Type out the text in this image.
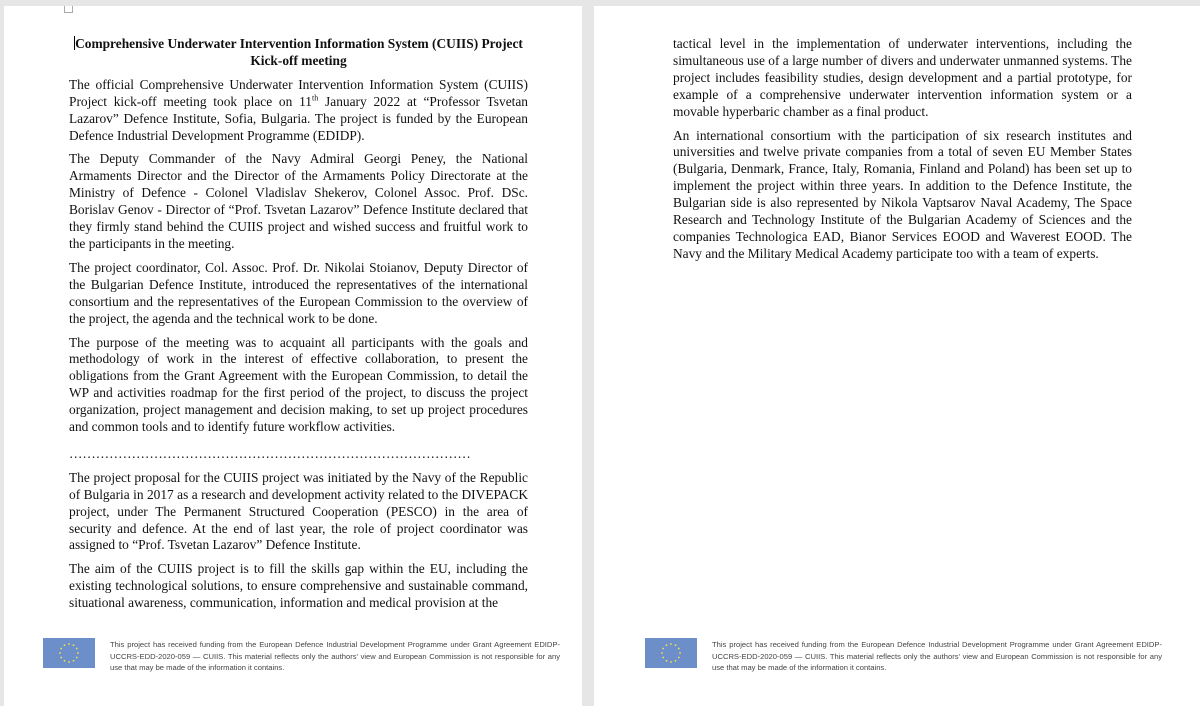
Comprehensive Underwater Intervention Information System (CUIIS) Project Kick-off meeting

The official Comprehensive Underwater Intervention Information System (CUIIS) Project kick-off meeting took place on 11th January 2022 at “Professor Tsvetan Lazarov” Defence Institute, Sofia, Bulgaria. The project is funded by the European Defence Industrial Development Programme (EDIDP).

The Deputy Commander of the Navy Admiral Georgi Peney, the National Armaments Director and the Director of the Armaments Policy Directorate at the Ministry of Defence - Colonel Vladislav Shekerov, Colonel Assoc. Prof. DSc. Borislav Genov - Director of “Prof. Tsvetan Lazarov” Defence Institute declared that they firmly stand behind the CUIIS project and wished success and fruitful work to the participants in the meeting.

The project coordinator, Col. Assoc. Prof. Dr. Nikolai Stoianov, Deputy Director of the Bulgarian Defence Institute, introduced the representatives of the international consortium and the representatives of the European Commission to the overview of the project, the agenda and the technical work to be done.

The purpose of the meeting was to acquaint all participants with the goals and methodology of work in the interest of effective collaboration, to present the obligations from the Grant Agreement with the European Commission, to detail the WP and activities roadmap for the first period of the project, to discuss the project organization, project management and decision making, to set up project procedures and common tools and to identify future workflow activities.

………………………………………………………………………………

The project proposal for the CUIIS project was initiated by the Navy of the Republic of Bulgaria in 2017 as a research and development activity related to the DIVEPACK project, under The Permanent Structured Cooperation (PESCO) in the area of security and defence. At the end of last year, the role of project coordinator was assigned to “Prof. Tsvetan Lazarov” Defence Institute.

The aim of the CUIIS project is to fill the skills gap within the EU, including the existing technological solutions, to ensure comprehensive and sustainable command, situational awareness, communication, information and medical provision at the

This project has received funding from the European Defence Industrial Development Programme under Grant Agreement EDIDP-UCCRS-EDD-2020-059 — CUIIS. This material reflects only the authors' view and European Commission is not responsible for any use that may be made of the information it contains.

tactical level in the implementation of underwater interventions, including the simultaneous use of a large number of divers and underwater unmanned systems. The project includes feasibility studies, design development and a partial prototype, for example of a comprehensive underwater intervention information system or a movable hyperbaric chamber as a final product.

An international consortium with the participation of six research institutes and universities and twelve private companies from a total of seven EU Member States (Bulgaria, Denmark, France, Italy, Romania, Finland and Poland) has been set up to implement the project within three years. In addition to the Defence Institute, the Bulgarian side is also represented by Nikola Vaptsarov Naval Academy, The Space Research and Technology Institute of the Bulgarian Academy of Sciences and the companies Technologica EAD, Bianor Services EOOD and Waverest EOOD. The Navy and the Military Medical Academy participate too with a team of experts.

This project has received funding from the European Defence Industrial Development Programme under Grant Agreement EDIDP-UCCRS-EDD-2020-059 — CUIIS. This material reflects only the authors' view and European Commission is not responsible for any use that may be made of the information it contains.
